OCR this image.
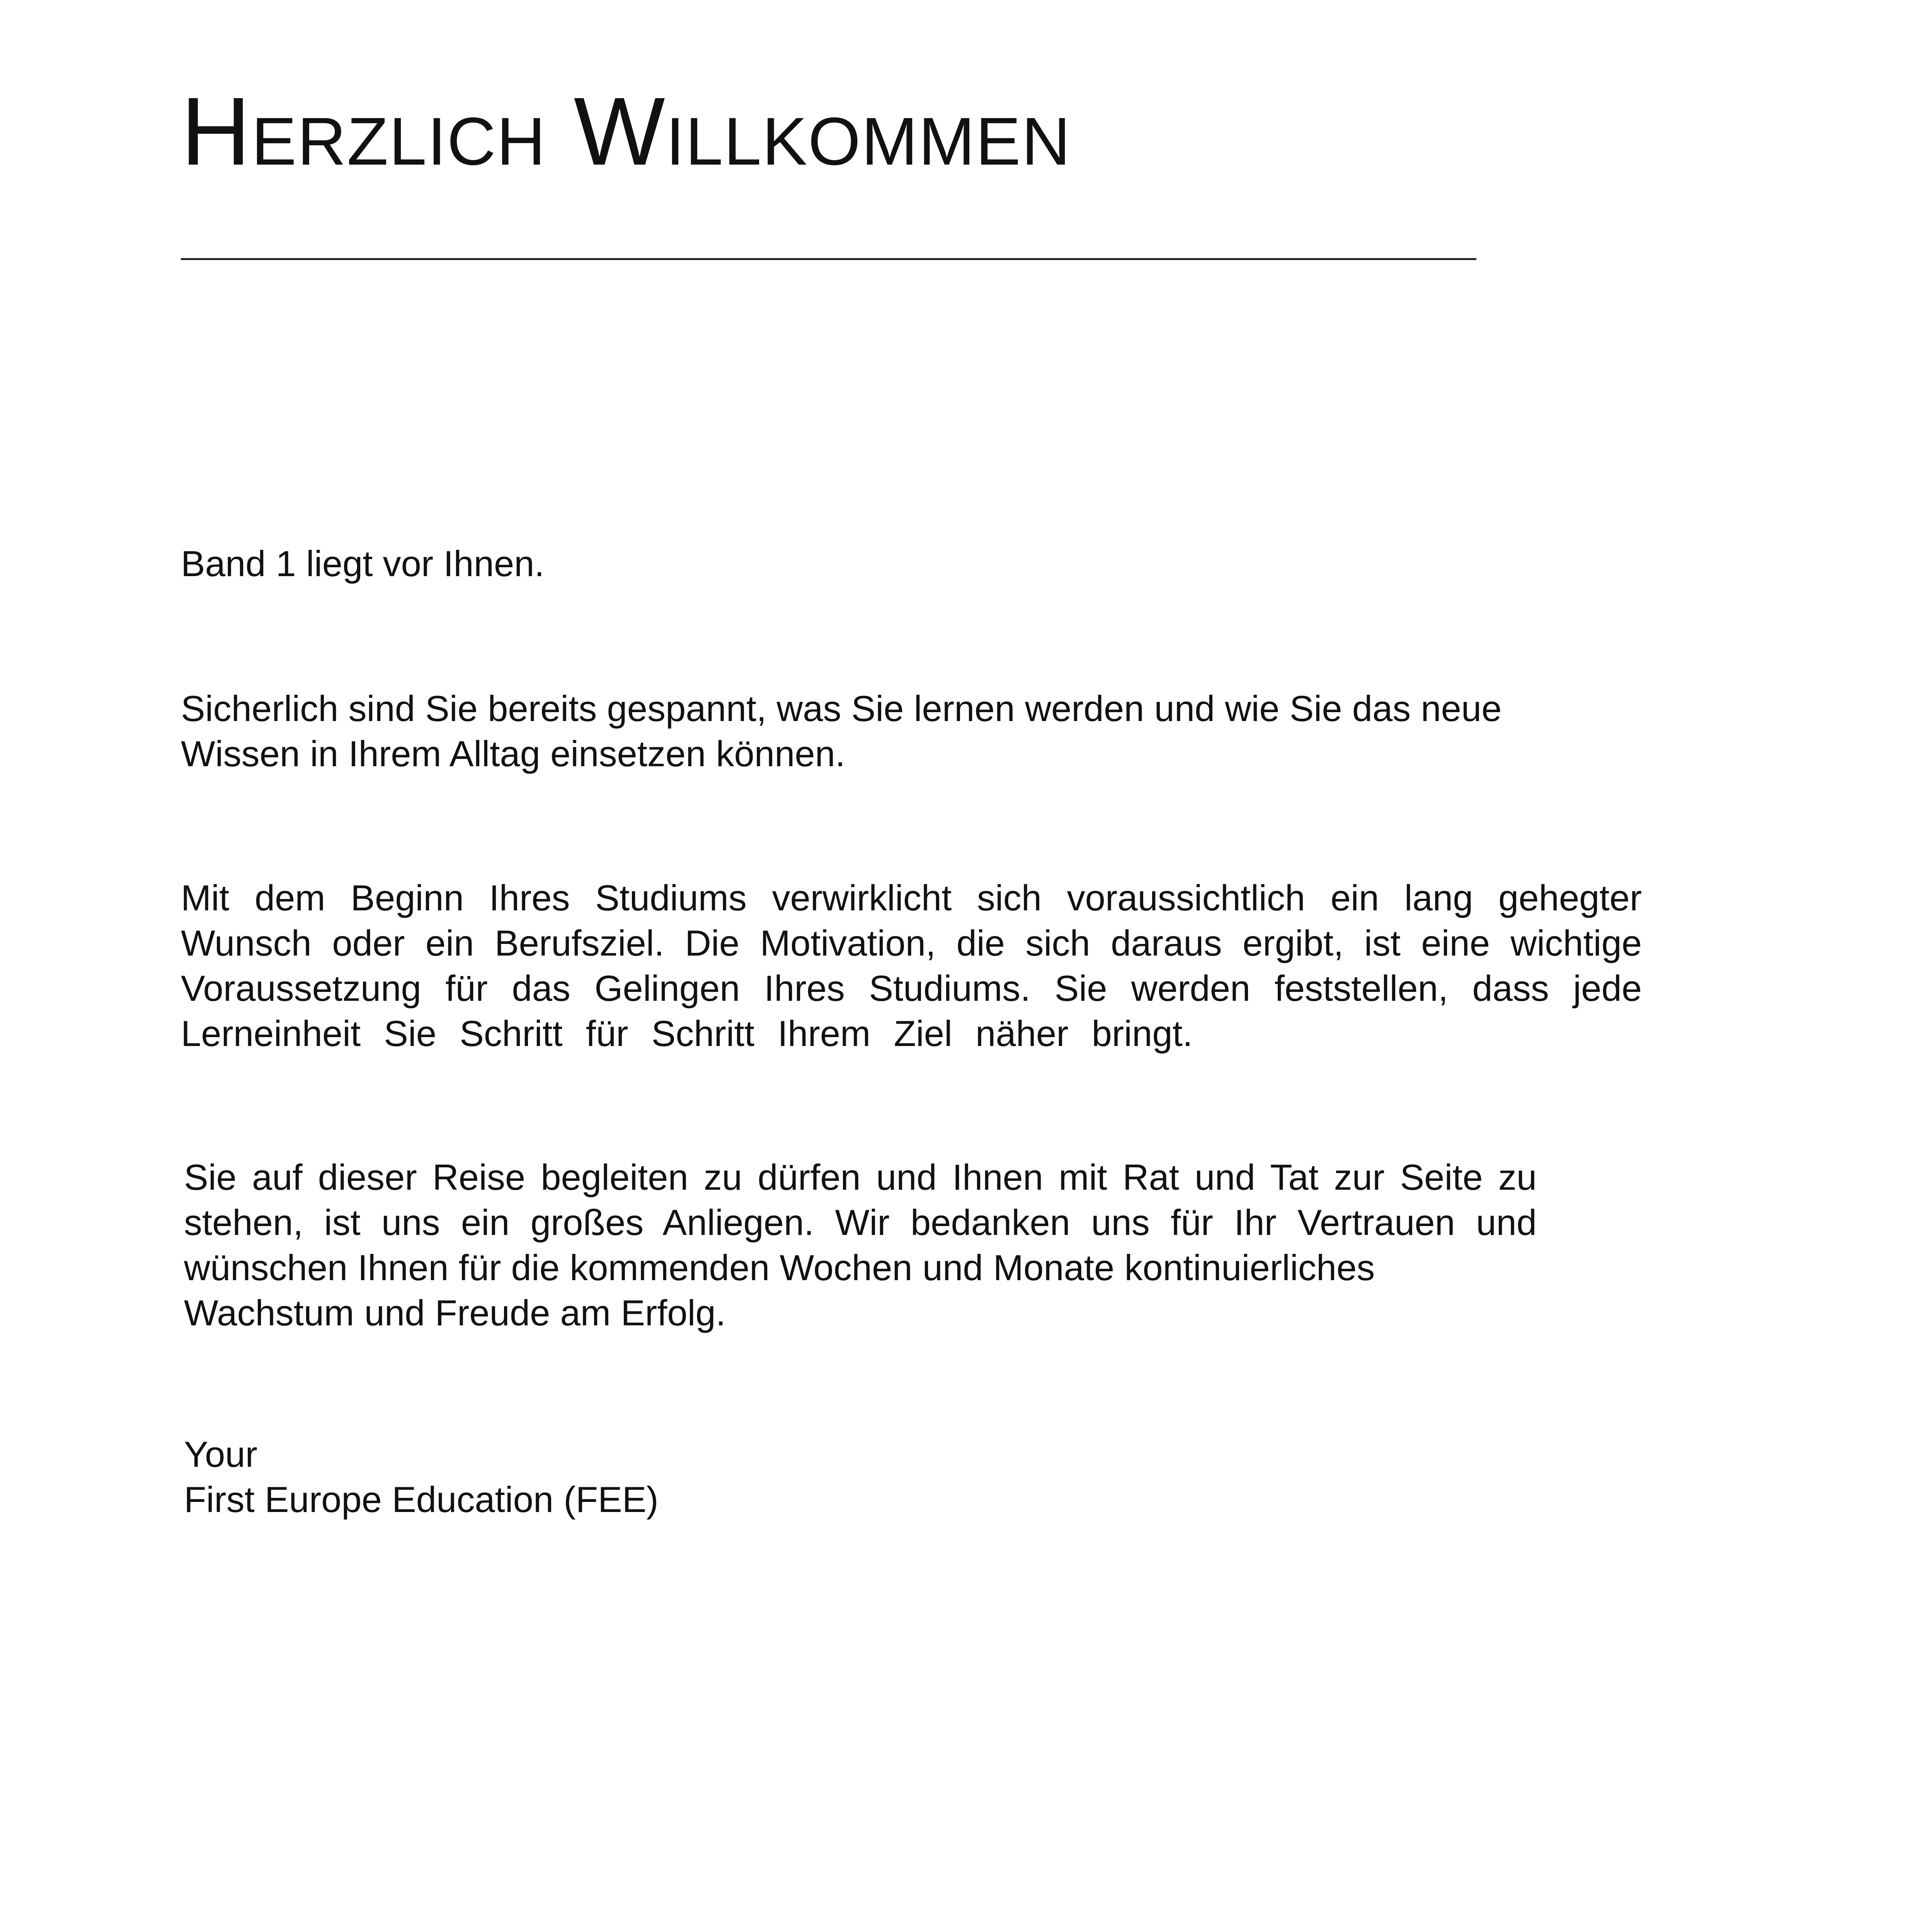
Herzlich Willkommen

Band 1 liegt vor Ihnen.

Sicherlich sind Sie bereits gespannt, was Sie lernen werden und wie Sie das neue
Wissen in Ihrem Alltag einsetzen können.

Mit dem Beginn Ihres Studiums verwirklicht sich voraussichtlich ein lang gehegter
Wunsch oder ein Berufsziel. Die Motivation, die sich daraus ergibt, ist eine wichtige
Voraussetzung für das Gelingen Ihres Studiums. Sie werden feststellen, dass jede
Lerneinheit Sie Schritt für Schritt Ihrem Ziel näher bringt.

Sie auf dieser Reise begleiten zu dürfen und Ihnen mit Rat und Tat zur Seite zu
stehen, ist uns ein großes Anliegen. Wir bedanken uns für Ihr Vertrauen und
wünschen Ihnen für die kommenden Wochen und Monate kontinuierliches
Wachstum und Freude am Erfolg.

Your
First Europe Education (FEE)
